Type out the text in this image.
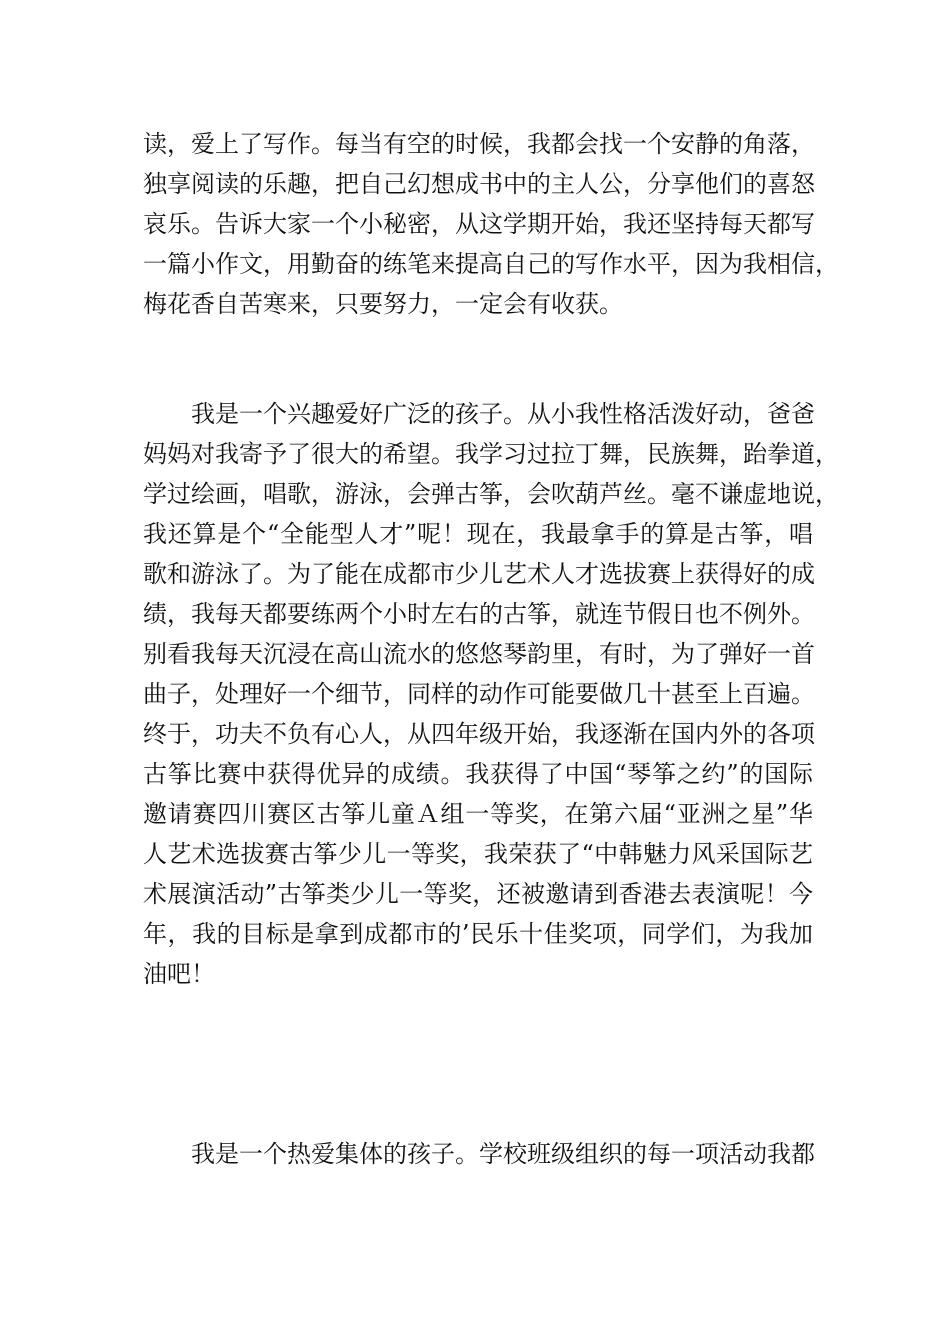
读，爱上了写作。每当有空的时候，我都会找一个安静的角落，
独享阅读的乐趣，把自己幻想成书中的主人公，分享他们的喜怒
哀乐。告诉大家一个小秘密，从这学期开始，我还坚持每天都写
一篇小作文，用勤奋的练笔来提高自己的写作水平，因为我相信，
梅花香自苦寒来，只要努力，一定会有收获。
　　我是一个兴趣爱好广泛的孩子。从小我性格活泼好动，爸爸
妈妈对我寄予了很大的希望。我学习过拉丁舞，民族舞，跆拳道，
学过绘画，唱歌，游泳，会弹古筝，会吹葫芦丝。毫不谦虚地说，
我还算是个“全能型人才”呢！现在，我最拿手的算是古筝，唱
歌和游泳了。为了能在成都市少儿艺术人才选拔赛上获得好的成
绩，我每天都要练两个小时左右的古筝，就连节假日也不例外。
别看我每天沉浸在高山流水的悠悠琴韵里，有时，为了弹好一首
曲子，处理好一个细节，同样的动作可能要做几十甚至上百遍。
终于，功夫不负有心人，从四年级开始，我逐渐在国内外的各项
古筝比赛中获得优异的成绩。我获得了中国“琴筝之约”的国际
邀请赛四川赛区古筝儿童Ａ组一等奖，在第六届“亚洲之星”华
人艺术选拔赛古筝少儿一等奖，我荣获了“中韩魅力风采国际艺
术展演活动”古筝类少儿一等奖，还被邀请到香港去表演呢！今
年，我的目标是拿到成都市的’民乐十佳奖项，同学们，为我加
油吧！
　　我是一个热爱集体的孩子。学校班级组织的每一项活动我都
